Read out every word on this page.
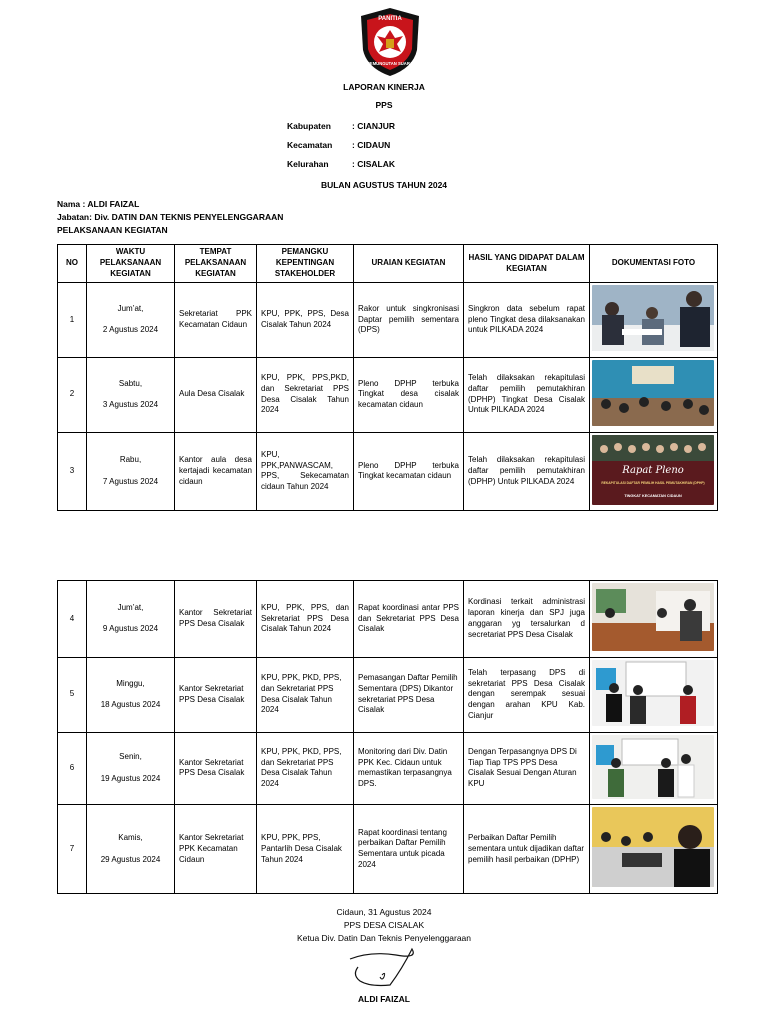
PANITIA
PEMUNGUTAN SUARA
LAPORAN KINERJA
PPS
Kabupaten : CIANJUR
Kecamatan : CIDAUN
Kelurahan	: CISALAK
BULAN AGUSTUS TAHUN 2024
Nama : ALDI FAIZAL
Jabatan: Div. DATIN DAN TEKNIS PENYELENGGARAAN
PELAKSANAAN KEGIATAN
NO	WAKTU PELAKSANAAN KEGIATAN	TEMPAT PELAKSANAAN KEGIATAN	PEMANGKU KEPENTINGAN STAKEHOLDER	URAIAN KEGIATAN	HASIL YANG DIDAPAT DALAM KEGIATAN	DOKUMENTASI FOTO
1	Jum’at,

2 Agustus 2024	Sekretariat PPK Kecamatan Cidaun	KPU, PPK, PPS, Desa Cisalak Tahun 2024	Rakor untuk singkronisasi Daptar pemilih sementara (DPS)	Singkron data sebelum rapat pleno Tingkat desa dilaksanakan untuk PILKADA 2024	
2	Sabtu,

3 Agustus 2024	Aula Desa Cisalak	KPU, PPK, PPS,PKD, dan Sekretariat PPS Desa Cisalak Tahun 2024	Pleno DPHP terbuka Tingkat desa cisalak kecamatan cidaun	Telah dilaksakan rekapitulasi daftar pemilih pemutakhiran (DPHP) Tingkat Desa Cisalak Untuk PILKADA 2024	
3	Rabu,

7 Agustus 2024	Kantor aula desa kertajadi kecamatan cidaun	KPU, PPK,PANWASCAM, PPS, Sekecamatan cidaun Tahun 2024	Pleno DPHP terbuka Tingkat kecamatan cidaun	Telah dilaksakan rekapitulasi daftar pemilih pemutakhiran (DPHP) Untuk PILKADA 2024	Rapat Pleno
REKAPITULASI DAFTAR PEMILIH HASIL PEMUTAKHIRAN (DPHP)
TINGKAT KECAMATAN CIDAUN
4	Jum’at,

9 Agustus 2024	Kantor Sekretariat PPS Desa Cisalak	KPU, PPK, PPS, dan Sekretariat PPS Desa Cisalak Tahun 2024	Rapat koordinasi antar PPS dan Sekretariat PPS Desa Cisalak	Kordinasi terkait administrasi laporan kinerja dan SPJ juga anggaran yg tersalurkan d secretariat PPS Desa Cisalak	
5	Minggu,

18 Agustus 2024	Kantor Sekretariat PPS Desa Cisalak	KPU, PPK, PKD, PPS, dan Sekretariat PPS Desa Cisalak Tahun 2024	Pemasangan Daftar Pemilih Sementara (DPS) Dikantor sekretariat PPS Desa Cisalak	Telah terpasang DPS di sekretariat PPS Desa Cisalak dengan serempak sesuai dengan arahan KPU Kab. Cianjur	
6	Senin,

19 Agustus 2024	Kantor Sekretariat PPS Desa Cisalak	KPU, PPK, PKD, PPS, dan Sekretariat PPS Desa Cisalak Tahun 2024	Monitoring dari Div. Datin PPK Kec. Cidaun untuk memastikan terpasangnya DPS.	Dengan Terpasangnya DPS Di Tiap Tiap TPS PPS Desa Cisalak Sesuai Dengan Aturan KPU	
7	Kamis,

29 Agustus 2024	Kantor Sekretariat PPK Kecamatan Cidaun	KPU, PPK, PPS, Pantarlih Desa Cisalak Tahun 2024	Rapat koordinasi tentang perbaikan Daftar Pemilih Sementara untuk picada 2024	Perbaikan Daftar Pemilih sementara untuk dijadikan daftar pemilih hasil perbaikan (DPHP)	
Cidaun, 31 Agustus 2024
PPS DESA CISALAK
Ketua Div. Datin Dan Teknis Penyelenggaraan
ALDI FAIZAL
